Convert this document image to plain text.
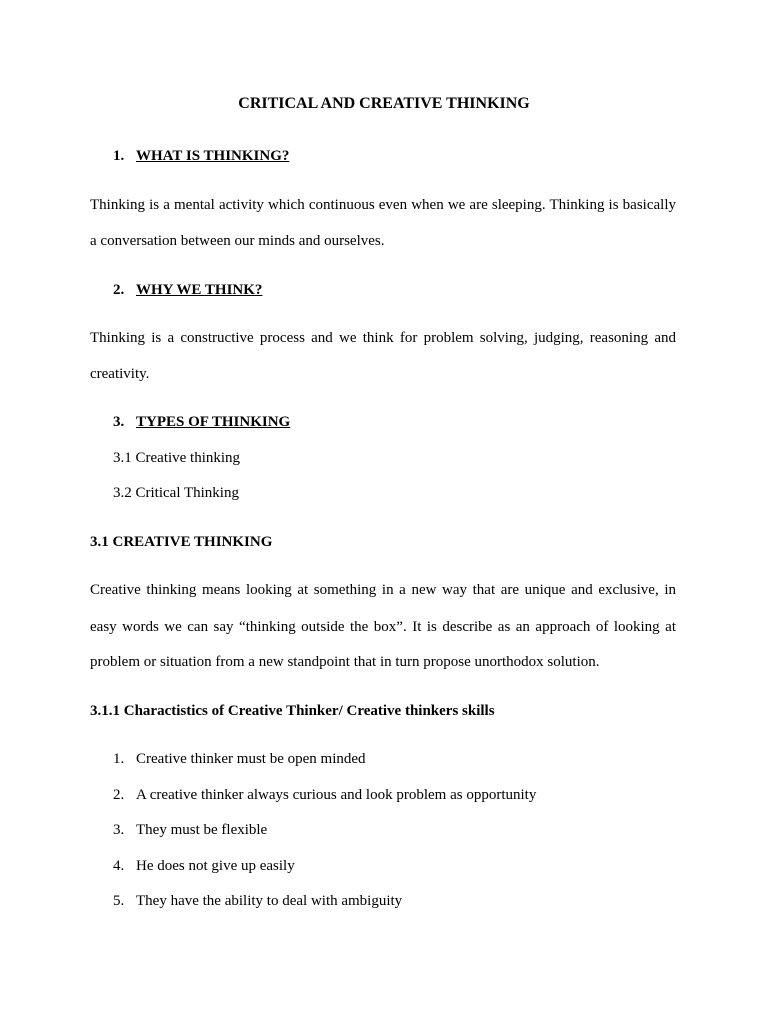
CRITICAL AND CREATIVE THINKING
1. WHAT IS THINKING?
Thinking is a mental activity which continuous even when we are sleeping. Thinking is basically
a conversation between our minds and ourselves.
2. WHY WE THINK?
Thinking is a constructive process and we think for problem solving, judging, reasoning and
creativity.
3. TYPES OF THINKING
3.1 Creative thinking
3.2 Critical Thinking
3.1 CREATIVE THINKING
Creative thinking means looking at something in a new way that are unique and exclusive, in
easy words we can say “thinking outside the box”. It is describe as an approach of looking at
problem or situation from a new standpoint that in turn propose unorthodox solution.
3.1.1 Charactistics of Creative Thinker/ Creative thinkers skills
1. Creative thinker must be open minded
2. A creative thinker always curious and look problem as opportunity
3. They must be flexible
4. He does not give up easily
5. They have the ability to deal with ambiguity
